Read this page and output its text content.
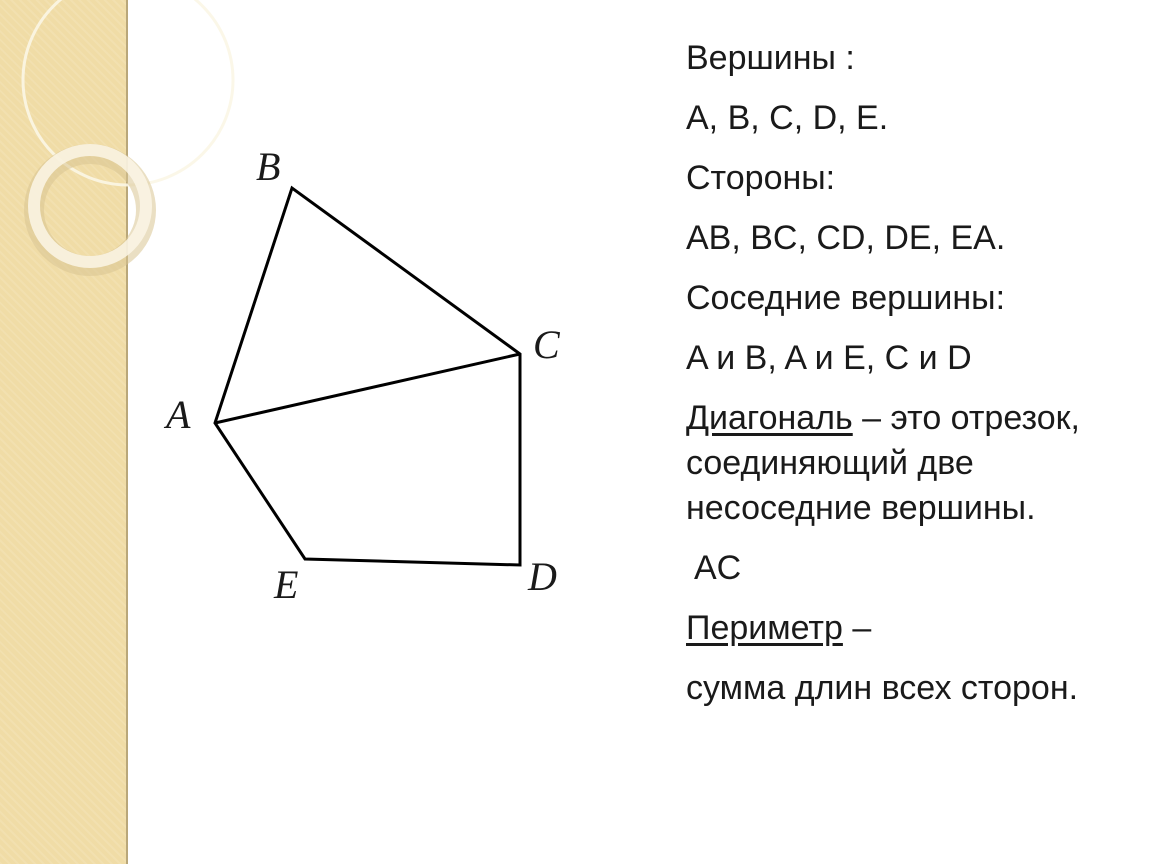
B
C
A
E	D

Вершины :

A, B, C, D, E.

Стороны:

AB, BC, CD, DE, EA.

Соседние вершины:

A и B, A и E, C и D

Диагональ – это отрезок, соединяющий две несоседние вершины.

AC

Периметр –

сумма длин всех сторон.
